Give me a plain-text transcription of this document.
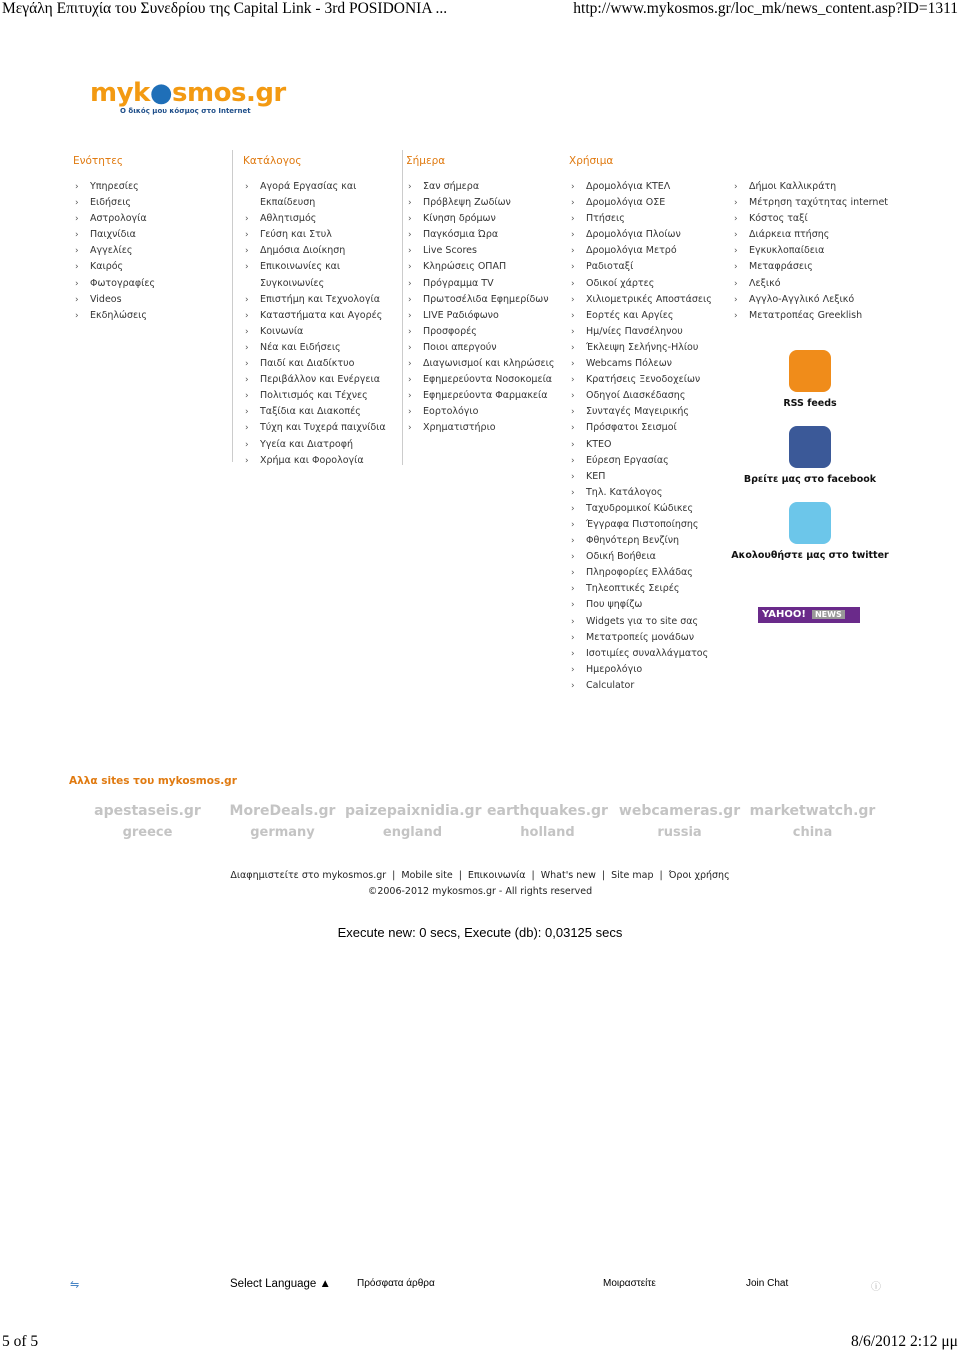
Μεγάλη Επιτυχία του Συνεδρίου της Capital Link - 3rd POSIDONIA ...	http://www.mykosmos.gr/loc_mk/news_content.asp?ID=1311
myk●smos.gr
Ο δικός μου κόσμος στο Internet
Ενότητες
› Υπηρεσίες
› Ειδήσεις
› Αστρολογία
› Παιχνίδια
› Αγγελίες
› Καιρός
› Φωτογραφίες
› Videos
› Εκδηλώσεις
Κατάλογος
› Αγορά Εργασίας και
Εκπαίδευση
› Αθλητισμός
› Γεύση και Στυλ
› Δημόσια Διοίκηση
› Επικοινωνίες και
Συγκοινωνίες
› Επιστήμη και Τεχνολογία
› Καταστήματα και Αγορές
› Κοινωνία
› Νέα και Ειδήσεις
› Παιδί και Διαδίκτυο
› Περιβάλλον και Ενέργεια
› Πολιτισμός και Τέχνες
› Ταξίδια και Διακοπές
› Τύχη και Τυχερά παιχνίδια
› Υγεία και Διατροφή
› Χρήμα και Φορολογία
Σήμερα
› Σαν σήμερα
› Πρόβλεψη Ζωδίων
› Κίνηση δρόμων
› Παγκόσμια Ώρα
› Live Scores
› Κληρώσεις ΟΠΑΠ
› Πρόγραμμα TV
› Πρωτοσέλιδα Εφημερίδων
› LIVE Ραδιόφωνο
› Προσφορές
› Ποιοι απεργούν
› Διαγωνισμοί και κληρώσεις
› Εφημερεύοντα Νοσοκομεία
› Εφημερεύοντα Φαρμακεία
› Εορτολόγιο
› Χρηματιστήριο
Χρήσιμα
› Δρομολόγια ΚΤΕΛ
› Δρομολόγια ΟΣΕ
› Πτήσεις
› Δρομολόγια Πλοίων
› Δρομολόγια Μετρό
› Ραδιοταξί
› Οδικοί χάρτες
› Χιλιομετρικές Αποστάσεις
› Εορτές και Αργίες
› Ημ/νίες Πανσέληνου
› Έκλειψη Σελήνης-Ηλίου
› Webcams Πόλεων
› Κρατήσεις Ξενοδοχείων
› Οδηγοί Διασκέδασης
› Συνταγές Μαγειρικής
› Πρόσφατοι Σεισμοί
› ΚΤΕΟ
› Εύρεση Εργασίας
› ΚΕΠ
› Τηλ. Κατάλογος
› Ταχυδρομικοί Κώδικες
› Έγγραφα Πιστοποίησης
› Φθηνότερη Βενζίνη
› Οδική Βοήθεια
› Πληροφορίες Ελλάδας
› Τηλεοπτικές Σειρές
› Που ψηφίζω
› Widgets για το site σας
› Μετατροπείς μονάδων
› Ισοτιμίες συναλλάγματος
› Ημερολόγιο
› Calculator
› Δήμοι Καλλικράτη
› Μέτρηση ταχύτητας internet
› Κόστος ταξί
› Διάρκεια πτήσης
› Εγκυκλοπαίδεια
› Μεταφράσεις
› Λεξικό
› Αγγλο-Αγγλικό Λεξικό
› Μετατροπέας Greeklish
RSS feeds
Βρείτε μας στο facebook
Ακολουθήστε μας στο twitter
YAHOO! NEWS
Αλλα sites του mykosmos.gr
apestaseis.gr
greece
MoreDeals.gr
germany
paizepaixnidia.gr
england
earthquakes.gr
holland
webcameras.gr
russia
marketwatch.gr
china
Διαφημιστείτε στο mykosmos.gr | Mobile site | Επικοινωνία | What's new | Site map | Όροι χρήσης
©2006-2012 mykosmos.gr - All rights reserved
Execute new: 0 secs, Execute (db): 0,03125 secs
⇋	Select Language ▲	Πρόσφατα άρθρα	Μοιραστείτε	Join Chat	ⓘ
5 of 5	8/6/2012 2:12 μμ
